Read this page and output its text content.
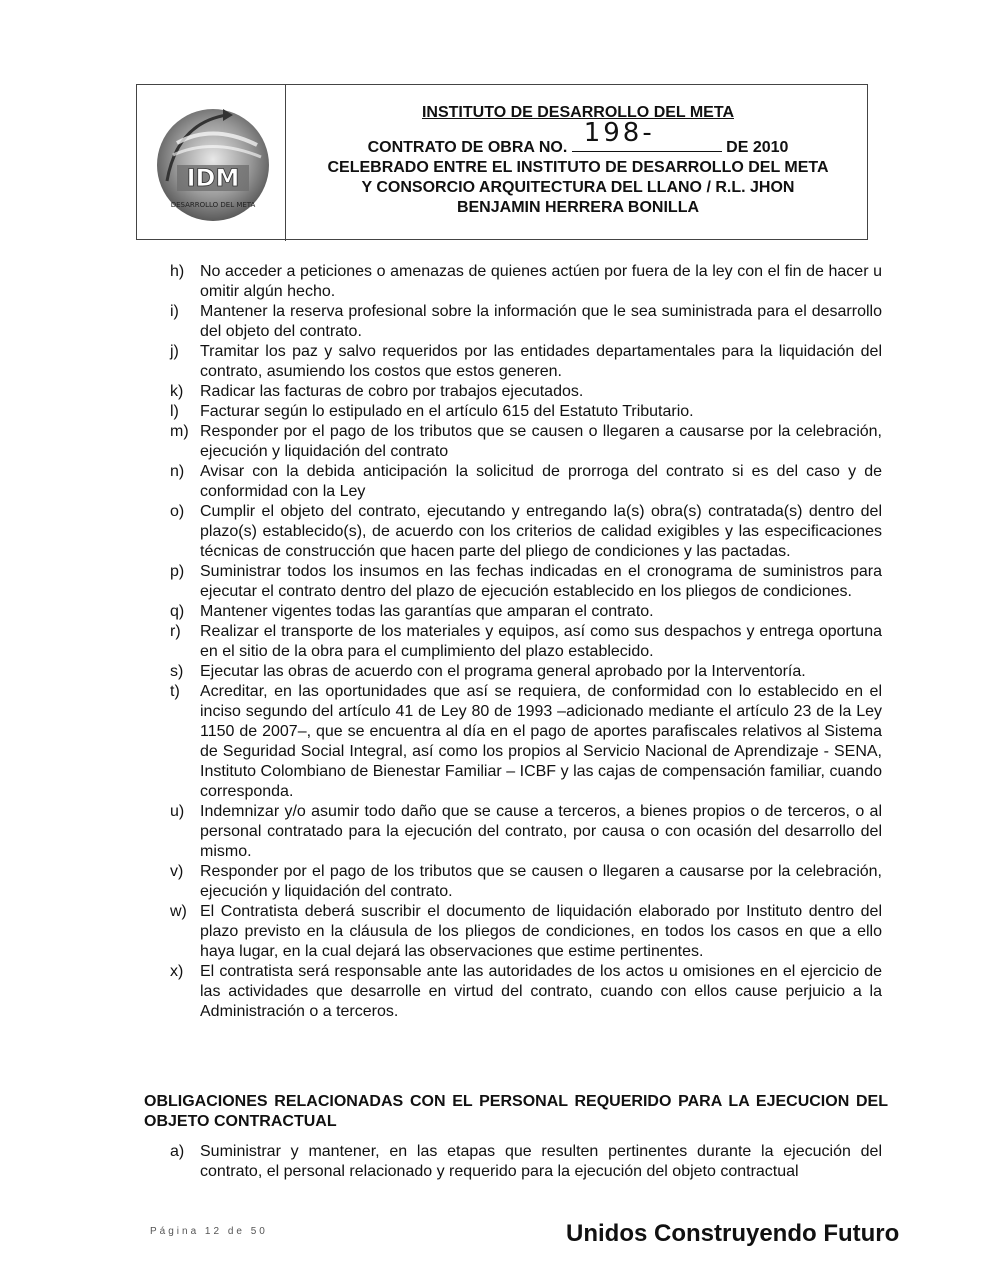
IDM
DESARROLLO DEL META
INSTITUTO DE DESARROLLO DEL META
CONTRATO DE OBRA NO. 198-	DE 2010
CELEBRADO ENTRE EL INSTITUTO DE DESARROLLO DEL META
Y CONSORCIO ARQUITECTURA DEL LLANO / R.L. JHON
BENJAMIN HERRERA BONILLA
h) No acceder a peticiones o amenazas de quienes actúen por fuera de la ley con el fin de hacer u omitir algún hecho.
i)	Mantener la reserva profesional sobre la información que le sea suministrada para el desarrollo del objeto del contrato.
j)	Tramitar los paz y salvo requeridos por las entidades departamentales para la liquidación del contrato, asumiendo los costos que estos generen.
k)	Radicar las facturas de cobro por trabajos ejecutados.
l)	Facturar según lo estipulado en el artículo 615 del Estatuto Tributario.
m) Responder por el pago de los tributos que se causen o llegaren a causarse por la celebración, ejecución y liquidación del contrato
n) Avisar con la debida anticipación la solicitud de prorroga del contrato si es del caso y de conformidad con la Ley
o) Cumplir el objeto del contrato, ejecutando y entregando la(s) obra(s) contratada(s) dentro del plazo(s) establecido(s), de acuerdo con los criterios de calidad exigibles y las especificaciones técnicas de construcción que hacen parte del pliego de condiciones y las pactadas.
p) Suministrar todos los insumos en las fechas indicadas en el cronograma de suministros para ejecutar el contrato dentro del plazo de ejecución establecido en los pliegos de condiciones.
q) Mantener vigentes todas las garantías que amparan el contrato.
r)	Realizar el transporte de los materiales y equipos, así como sus despachos y entrega oportuna en el sitio de la obra para el cumplimiento del plazo establecido.
s)	Ejecutar las obras de acuerdo con el programa general aprobado por la Interventoría.
t)	Acreditar, en las oportunidades que así se requiera, de conformidad con lo establecido en el inciso segundo del artículo 41 de Ley 80 de 1993 –adicionado mediante el artículo 23 de la Ley 1150 de 2007–, que se encuentra al día en el pago de aportes parafiscales relativos al Sistema de Seguridad Social Integral, así como los propios al Servicio Nacional de Aprendizaje - SENA, Instituto Colombiano de Bienestar Familiar – ICBF y las cajas de compensación familiar, cuando corresponda.
u) Indemnizar y/o asumir todo daño que se cause a terceros, a bienes propios o de terceros, o al personal contratado para la ejecución del contrato, por causa o con ocasión del desarrollo del mismo.
v)	Responder por el pago de los tributos que se causen o llegaren a causarse por la celebración, ejecución y liquidación del contrato.
w) El Contratista deberá suscribir el documento de liquidación elaborado por Instituto dentro del plazo previsto en la cláusula de los pliegos de condiciones, en todos los casos en que a ello haya lugar, en la cual dejará las observaciones que estime pertinentes.
x)	El contratista será responsable ante las autoridades de los actos u omisiones en el ejercicio de las actividades que desarrolle en virtud del contrato, cuando con ellos cause perjuicio a la Administración o a terceros.
OBLIGACIONES RELACIONADAS CON EL PERSONAL REQUERIDO PARA LA EJECUCION DEL OBJETO CONTRACTUAL
a) Suministrar y mantener, en las etapas que resulten pertinentes durante la ejecución del contrato, el personal relacionado y requerido para la ejecución del objeto contractual
Página 12 de 50	Unidos Construyendo Futuro
